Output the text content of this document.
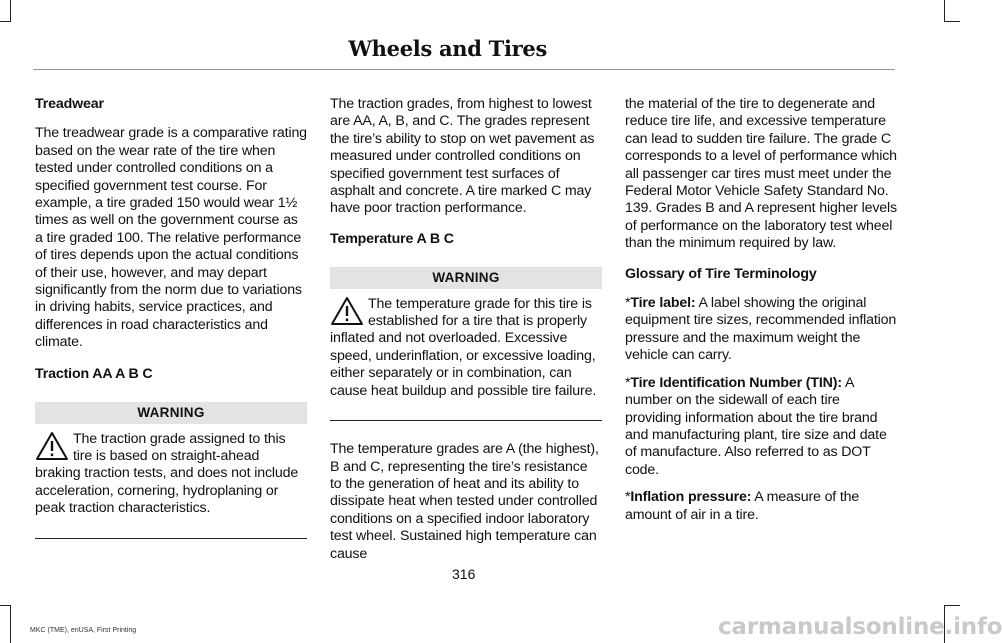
Wheels and Tires
Treadwear

The treadwear grade is a comparative rating based on the wear rate of the tire when tested under controlled conditions on a specified government test course. For example, a tire graded 150 would wear 1½ times as well on the government course as a tire graded 100. The relative performance of tires depends upon the actual conditions of their use, however, and may depart significantly from the norm due to variations in driving habits, service practices, and differences in road characteristics and climate.

Traction AA A B C
WARNING

The traction grade assigned to this tire is based on straight-ahead braking traction tests, and does not include acceleration, cornering, hydroplaning or peak traction characteristics.

The traction grades, from highest to lowest are AA, A, B, and C. The grades represent the tire’s ability to stop on wet pavement as measured under controlled conditions on specified government test surfaces of asphalt and concrete. A tire marked C may have poor traction performance.

Temperature A B C
WARNING

The temperature grade for this tire is established for a tire that is properly inflated and not overloaded. Excessive speed, underinflation, or excessive loading, either separately or in combination, can cause heat buildup and possible tire failure.

The temperature grades are A (the highest), B and C, representing the tire’s resistance to the generation of heat and its ability to dissipate heat when tested under controlled conditions on a specified indoor laboratory test wheel. Sustained high temperature can cause

the material of the tire to degenerate and reduce tire life, and excessive temperature can lead to sudden tire failure. The grade C corresponds to a level of performance which all passenger car tires must meet under the Federal Motor Vehicle Safety Standard No. 139. Grades B and A represent higher levels of performance on the laboratory test wheel than the minimum required by law.

Glossary of Tire Terminology

*Tire label: A label showing the original equipment tire sizes, recommended inflation pressure and the maximum weight the vehicle can carry.

*Tire Identification Number (TIN): A number on the sidewall of each tire providing information about the tire brand and manufacturing plant, tire size and date of manufacture. Also referred to as DOT code.

*Inflation pressure: A measure of the amount of air in a tire.

316
MKC (TME), enUSA, First Printing	carmanualsonline.info
